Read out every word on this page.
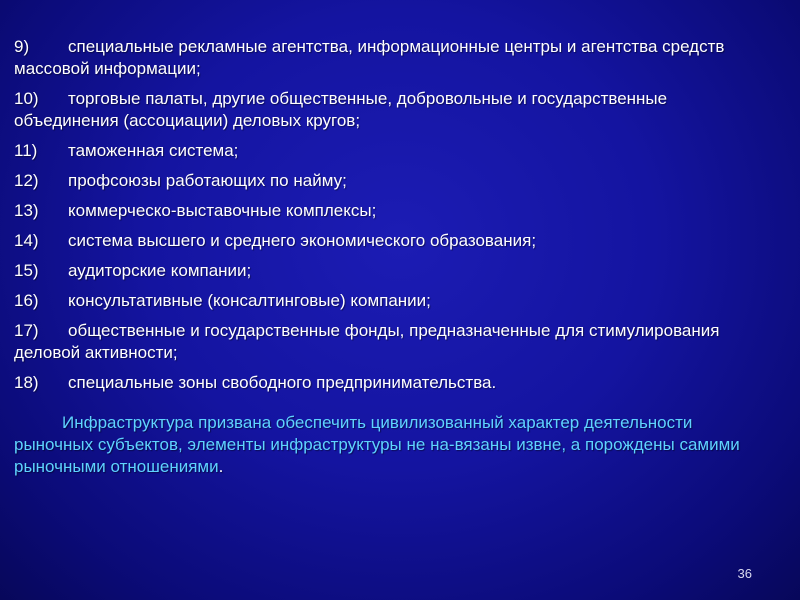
9) специальные рекламные агентства, информационные центры и агентства средств массовой информации;
10) торговые палаты, другие общественные, добровольные и государственные объединения (ассоциации) деловых кругов;
11) таможенная система;
12) профсоюзы работающих по найму;
13) коммерческо-выставочные комплексы;
14) система высшего и среднего экономического образования;
15) аудиторские компании;
16) консультативные (консалтинговые) компании;
17) общественные и государственные фонды, предназначенные для стимулирования деловой активности;
18) специальные зоны свободного предпринимательства.

Инфраструктура призвана обеспечить цивилизованный характер деятельности рыночных субъектов, элементы инфраструктуры не на-вязаны извне, а порождены самими рыночными отношениями.

36
